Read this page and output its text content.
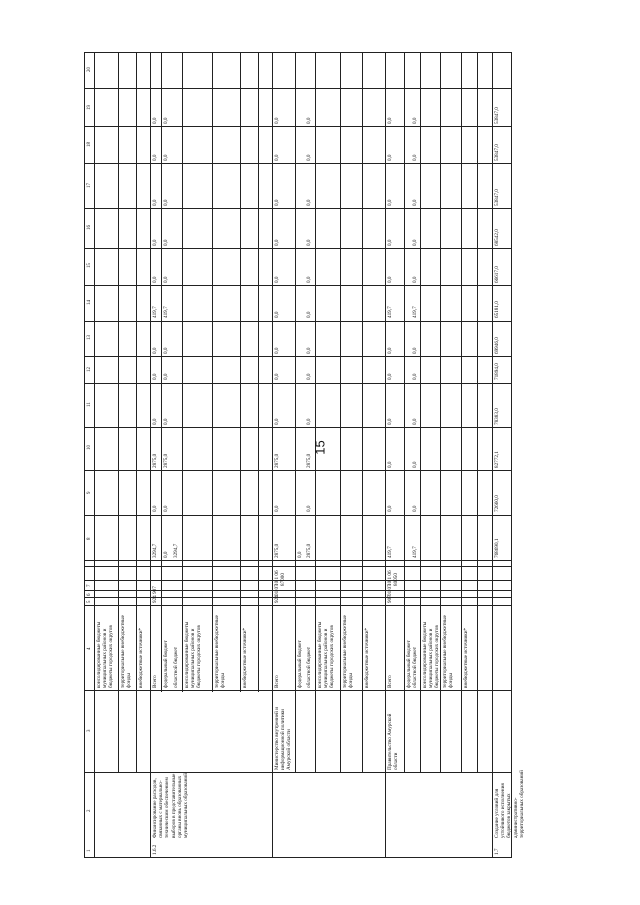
15
1
2
3
4
5
6
7
8
9
10
11
12
13
14
15
16
17
18
19
20
консолидированные бюджеты муниципальных районов и бюджеты городских округов территориальные внебюджетные фонды внебюджетные источники*
1.6.2
Финансирование расходов, связанных с материально-техническим обеспечением выборов в представительные органы вновь образованных муниципальных образований
Всего
924 907
3294,7
0,0
2875,0
0,0
0,0
0,0
419,7
0,0
0,0
0,0
0,0
0,0
федеральный бюджет
0,0
0,0
2875,0
0,0
0,0
0,0
419,7
0,0
0,0
0,0
0,0
0,0
областной бюджет
3294,7
консолидированные бюджеты муниципальных районов и бюджеты городских округов территориальные внебюджетные фонды	внебюджетные источники*
Министерство внутренней и информационной политики Амурской области
Всего
924
01 07
10 1 06 87000
2875,0
0,0
2875,0
0,0
0,0
0,0
0,0
0,0
0,0
0,0
0,0
0,0
федеральный бюджет
0,0
областной бюджет
2875,0
0,0
2875,0
0,0
0,0
0,0
0,0
0,0
0,0
0,0
0,0
0,0
консолидированные бюджеты муниципальных районов и бюджеты городских округов территориальные внебюджетные фонды внебюджетные источники*
Правительство Амурской области
Всего
907
01 07
10 1 06 80050
419,7
0,0
0,0
0,0
0,0
0,0
419,7
0,0
0,0
0,0
0,0
0,0
федеральный бюджет областной бюджет
419,7
0,0
0,0
0,0
0,0
0,0
419,7
0,0
0,0
0,0
0,0
0,0
консолидированные бюджеты муниципальных районов и бюджеты городских округов территориальные внебюджетные фонды внебюджетные источники*
1.7
Создание условий для устойчивого исполнения бюджетов закрытых административно-территориальных образований
768690,1
72660,0
82772,1
78383,0
71894,0
69946,0
65181,0
66617,0
68542,0
53847,0
53847,0
53847,0
